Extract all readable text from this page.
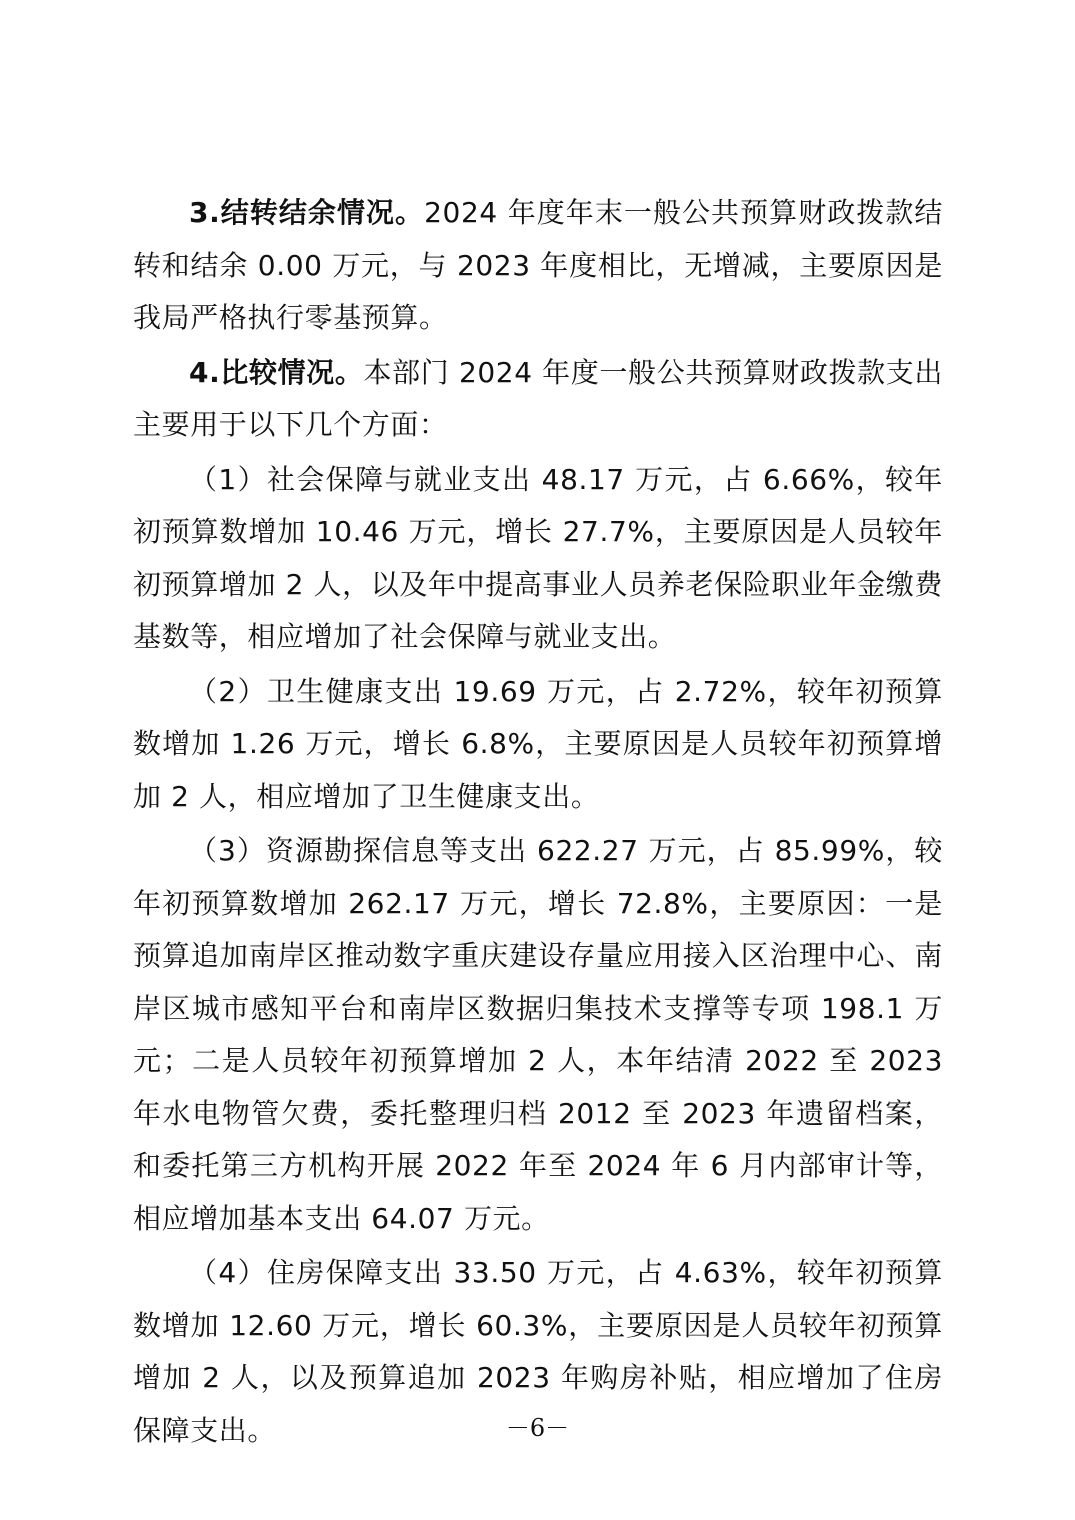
3.结转结余情况。2024 年度年末一般公共预算财政拨款结转和结余 0.00 万元，与 2023 年度相比，无增减，主要原因是我局严格执行零基预算。

4.比较情况。本部门 2024 年度一般公共预算财政拨款支出主要用于以下几个方面：

（1）社会保障与就业支出 48.17 万元，占 6.66%，较年初预算数增加 10.46 万元，增长 27.7%，主要原因是人员较年初预算增加 2 人，以及年中提高事业人员养老保险职业年金缴费基数等，相应增加了社会保障与就业支出。

（2）卫生健康支出 19.69 万元，占 2.72%，较年初预算数增加 1.26 万元，增长 6.8%，主要原因是人员较年初预算增加 2 人，相应增加了卫生健康支出。

（3）资源勘探信息等支出 622.27 万元，占 85.99%，较年初预算数增加 262.17 万元，增长 72.8%，主要原因：一是预算追加南岸区推动数字重庆建设存量应用接入区治理中心、南岸区城市感知平台和南岸区数据归集技术支撑等专项 198.1 万元；二是人员较年初预算增加 2 人，本年结清 2022 至 2023 年水电物管欠费，委托整理归档 2012 至 2023 年遗留档案，和委托第三方机构开展 2022 年至 2024 年 6 月内部审计等，相应增加基本支出 64.07 万元。

（4）住房保障支出 33.50 万元，占 4.63%，较年初预算数增加 12.60 万元，增长 60.3%，主要原因是人员较年初预算增加 2 人，以及预算追加 2023 年购房补贴，相应增加了住房保障支出。	－6－
